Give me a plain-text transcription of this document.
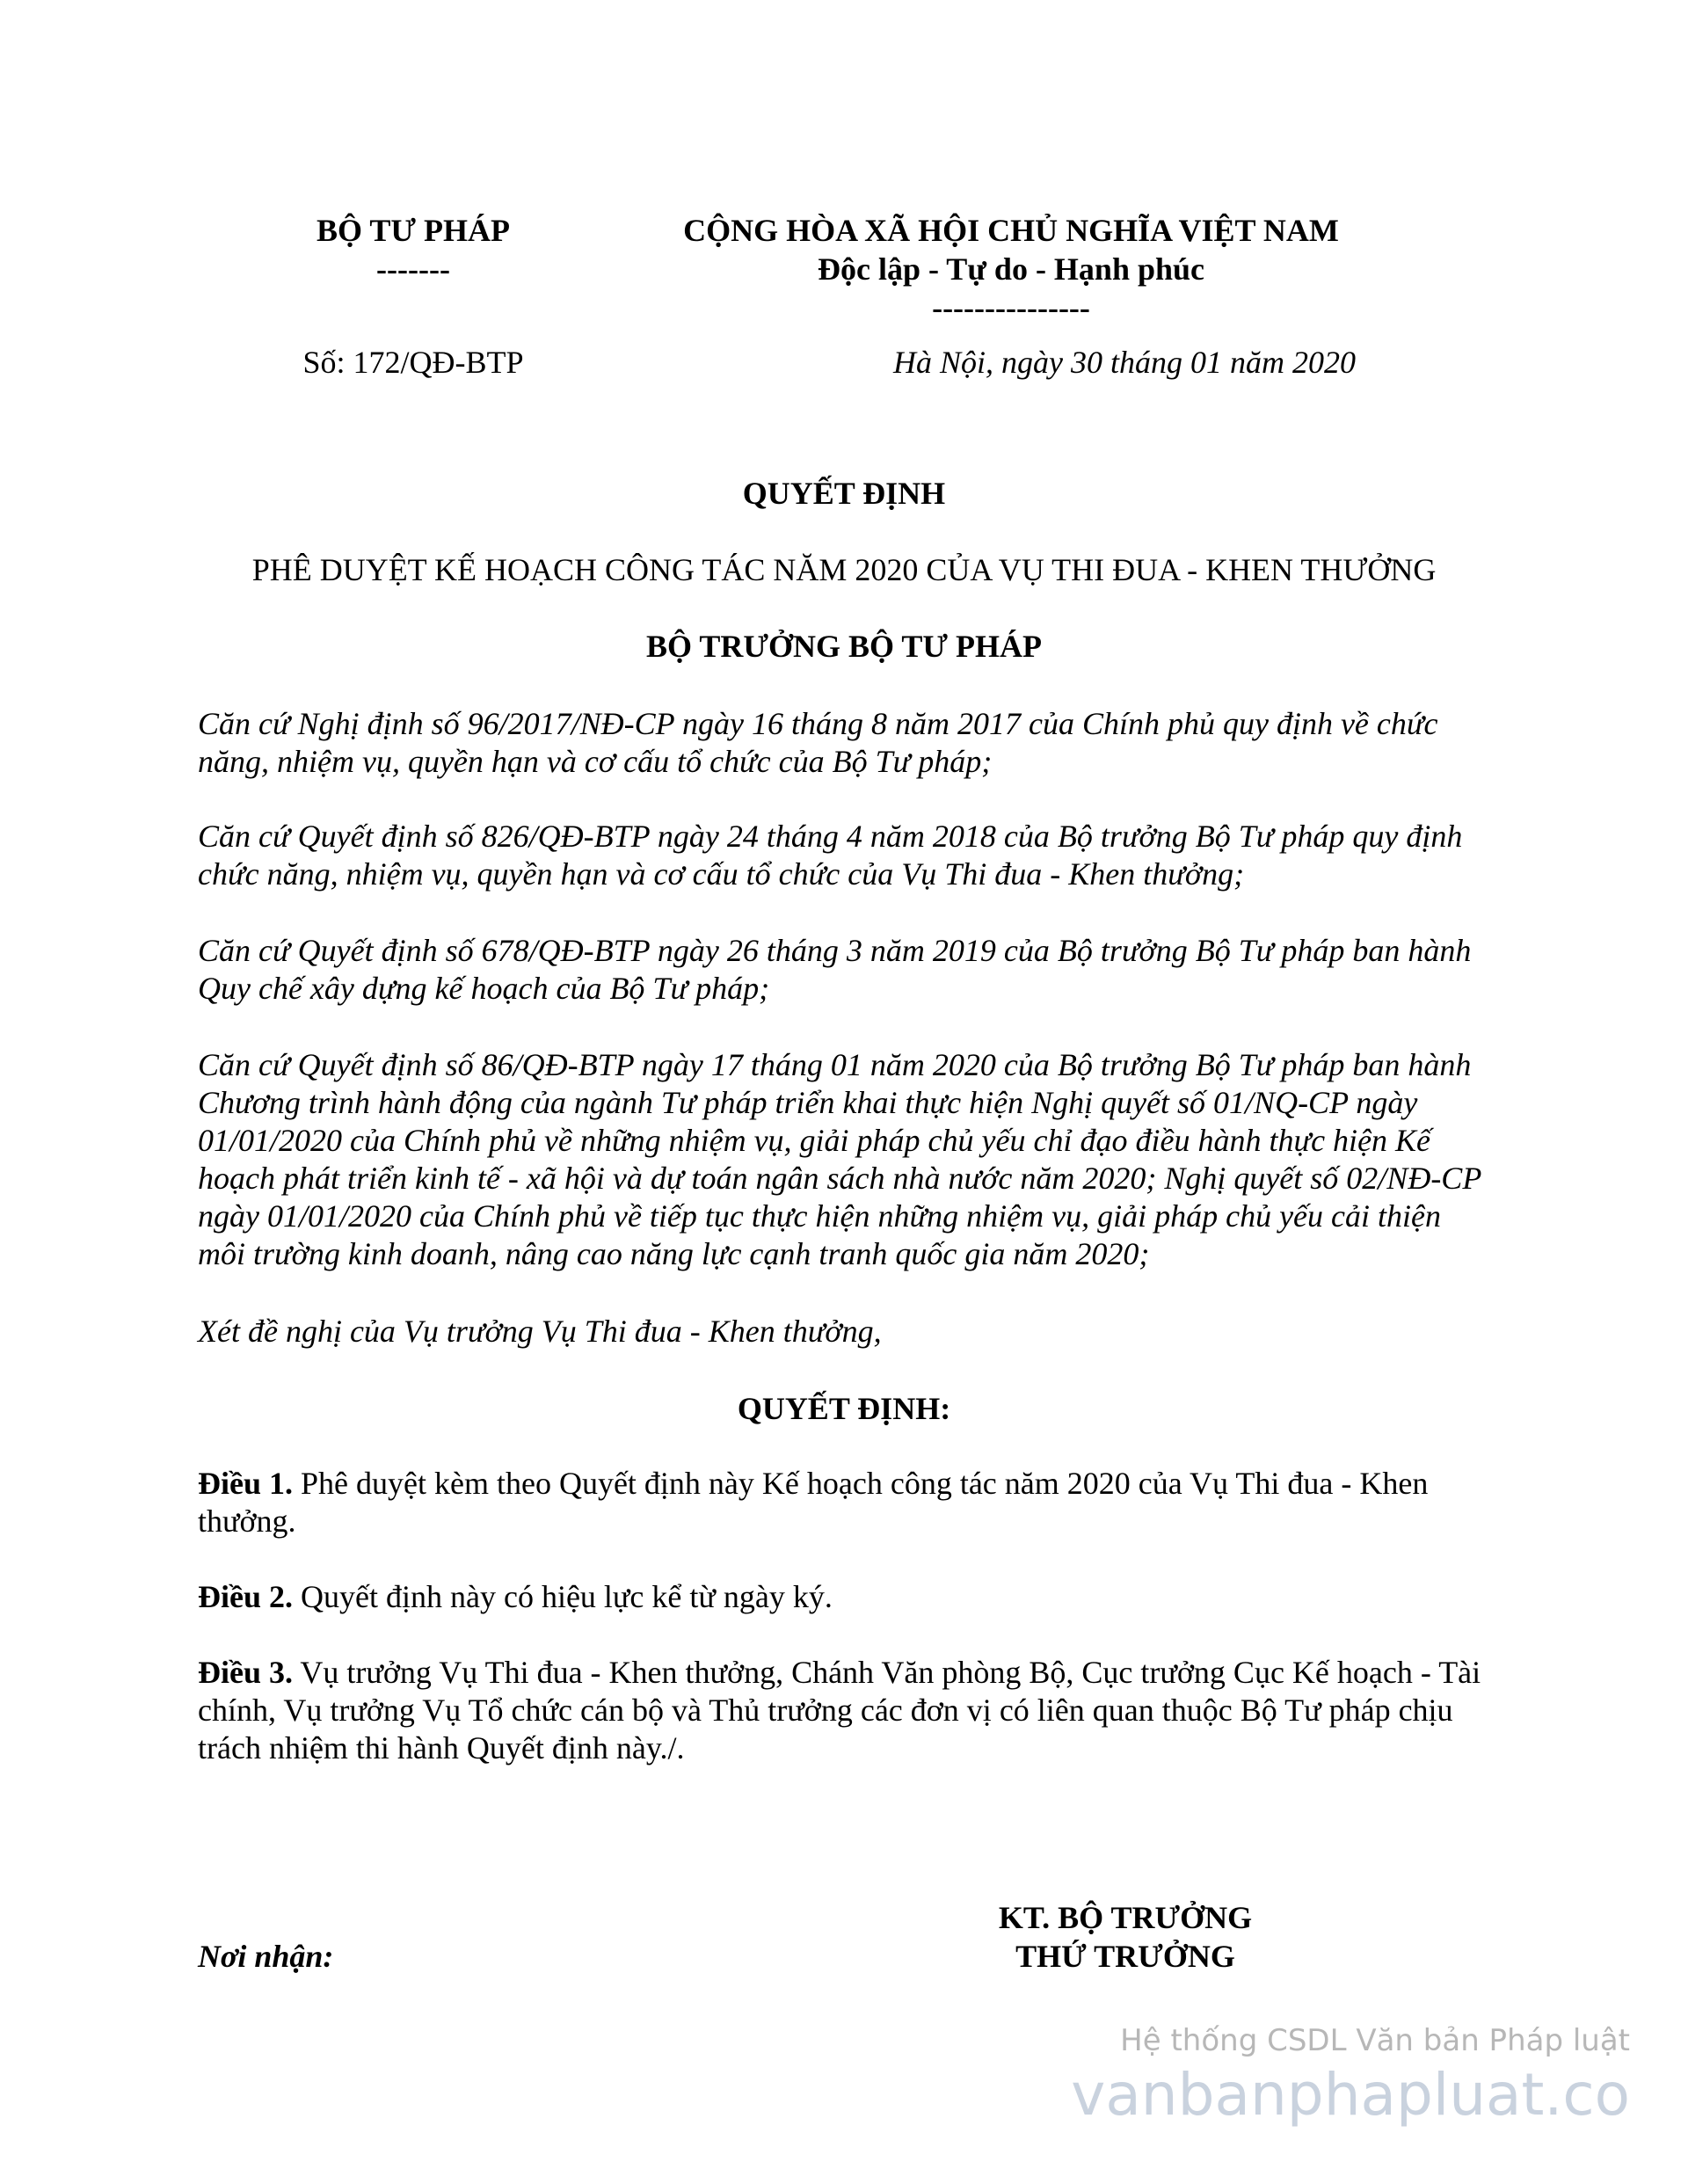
BỘ TƯ PHÁP
-------
CỘNG HÒA XÃ HỘI CHỦ NGHĨA VIỆT NAM
Độc lập - Tự do - Hạnh phúc
---------------
Số: 172/QĐ-BTP	Hà Nội, ngày 30 tháng 01 năm 2020
QUYẾT ĐỊNH
PHÊ DUYỆT KẾ HOẠCH CÔNG TÁC NĂM 2020 CỦA VỤ THI ĐUA - KHEN THƯỞNG
BỘ TRƯỞNG BỘ TƯ PHÁP
Căn cứ Nghị định số 96/2017/NĐ-CP ngày 16 tháng 8 năm 2017 của Chính phủ quy định về chức năng, nhiệm vụ, quyền hạn và cơ cấu tổ chức của Bộ Tư pháp;
Căn cứ Quyết định số 826/QĐ-BTP ngày 24 tháng 4 năm 2018 của Bộ trưởng Bộ Tư pháp quy định chức năng, nhiệm vụ, quyền hạn và cơ cấu tổ chức của Vụ Thi đua - Khen thưởng;
Căn cứ Quyết định số 678/QĐ-BTP ngày 26 tháng 3 năm 2019 của Bộ trưởng Bộ Tư pháp ban hành Quy chế xây dựng kế hoạch của Bộ Tư pháp;
Căn cứ Quyết định số 86/QĐ-BTP ngày 17 tháng 01 năm 2020 của Bộ trưởng Bộ Tư pháp ban hành Chương trình hành động của ngành Tư pháp triển khai thực hiện Nghị quyết số 01/NQ-CP ngày 01/01/2020 của Chính phủ về những nhiệm vụ, giải pháp chủ yếu chỉ đạo điều hành thực hiện Kế hoạch phát triển kinh tế - xã hội và dự toán ngân sách nhà nước năm 2020; Nghị quyết số 02/NĐ-CP ngày 01/01/2020 của Chính phủ về tiếp tục thực hiện những nhiệm vụ, giải pháp chủ yếu cải thiện môi trường kinh doanh, nâng cao năng lực cạnh tranh quốc gia năm 2020;
Xét đề nghị của Vụ trưởng Vụ Thi đua - Khen thưởng,
QUYẾT ĐỊNH:
Điều 1. Phê duyệt kèm theo Quyết định này Kế hoạch công tác năm 2020 của Vụ Thi đua - Khen thưởng.
Điều 2. Quyết định này có hiệu lực kể từ ngày ký.
Điều 3. Vụ trưởng Vụ Thi đua - Khen thưởng, Chánh Văn phòng Bộ, Cục trưởng Cục Kế hoạch - Tài chính, Vụ trưởng Vụ Tổ chức cán bộ và Thủ trưởng các đơn vị có liên quan thuộc Bộ Tư pháp chịu trách nhiệm thi hành Quyết định này./.
Nơi nhận:
KT. BỘ TRƯỞNG
THỨ TRƯỞNG
Hệ thống CSDL Văn bản Pháp luật
vanbanphapluat.co
